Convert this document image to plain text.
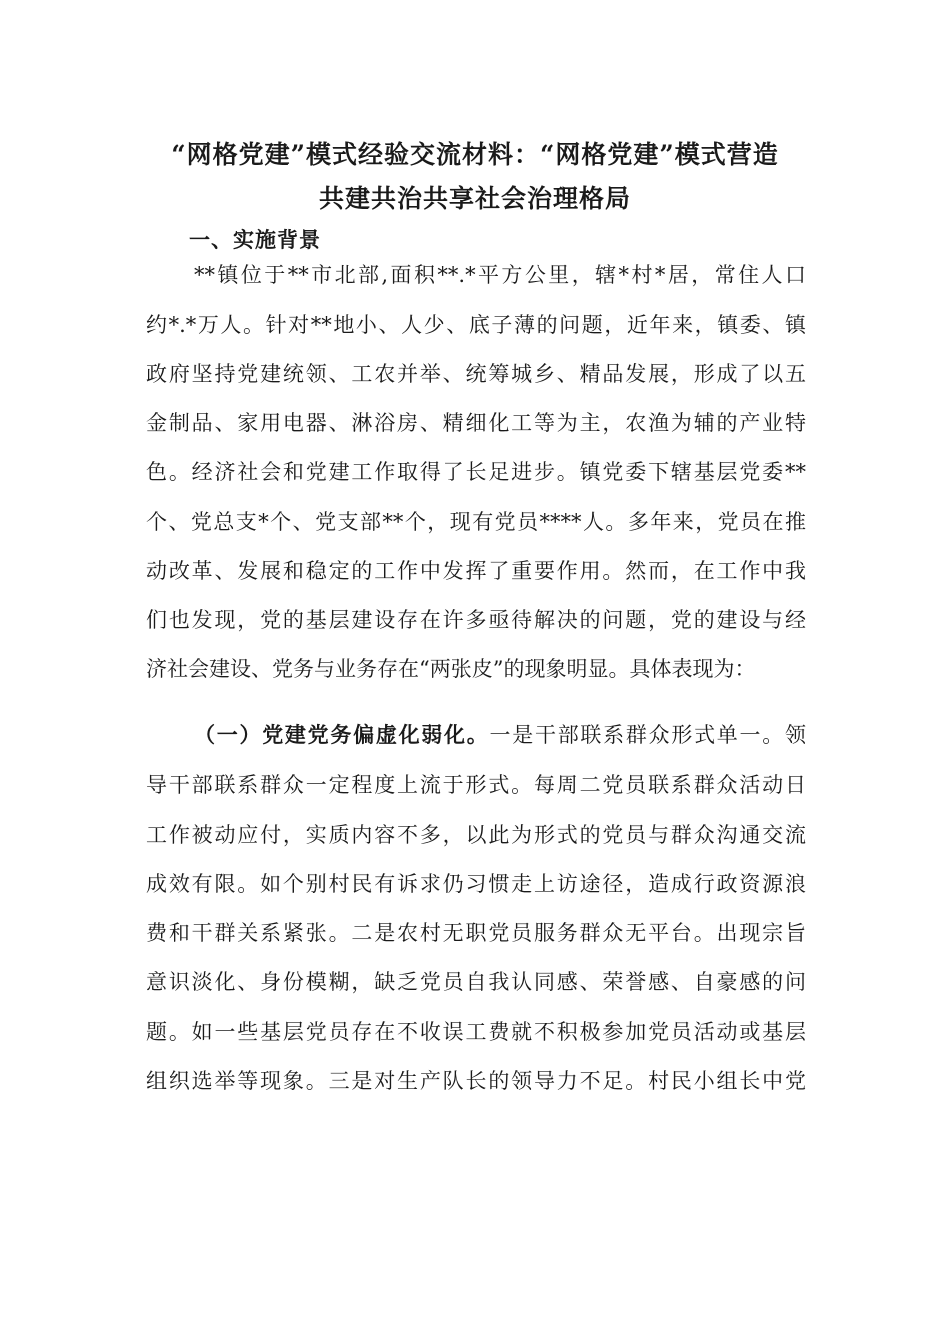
“网格党建”模式经验交流材料：“网格党建”模式营造
共建共治共享社会治理格局
一、实施背景
**镇位于**市北部,面积**.*平方公里，辖*村*居，常住人口
约*.*万人。针对**地小、人少、底子薄的问题，近年来，镇委、镇
政府坚持党建统领、工农并举、统筹城乡、精品发展，形成了以五
金制品、家用电器、淋浴房、精细化工等为主，农渔为辅的产业特
色。经济社会和党建工作取得了长足进步。镇党委下辖基层党委**
个、党总支*个、党支部**个，现有党员****人。多年来，党员在推
动改革、发展和稳定的工作中发挥了重要作用。然而，在工作中我
们也发现，党的基层建设存在许多亟待解决的问题，党的建设与经
济社会建设、党务与业务存在“两张皮”的现象明显。具体表现为：
（一）党建党务偏虚化弱化。一是干部联系群众形式单一。领
导干部联系群众一定程度上流于形式。每周二党员联系群众活动日
工作被动应付，实质内容不多，以此为形式的党员与群众沟通交流
成效有限。如个别村民有诉求仍习惯走上访途径，造成行政资源浪
费和干群关系紧张。二是农村无职党员服务群众无平台。出现宗旨
意识淡化、身份模糊，缺乏党员自我认同感、荣誉感、自豪感的问
题。如一些基层党员存在不收误工费就不积极参加党员活动或基层
组织选举等现象。三是对生产队长的领导力不足。村民小组长中党
